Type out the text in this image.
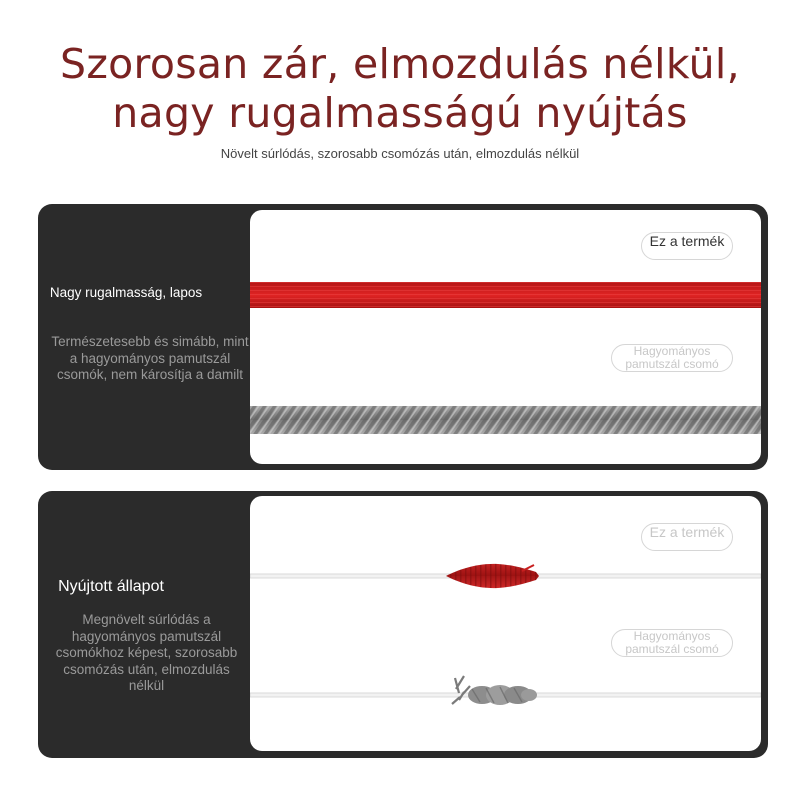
Szorosan zár, elmozdulás nélkül,
nagy rugalmasságú nyújtás
Növelt súrlódás, szorosabb csomózás után, elmozdulás nélkül
Nagy rugalmasság, lapos
Természetesebb és simább, mint a hagyományos pamutszál csomók, nem károsítja a damilt
Ez a termék
Hagyományos pamutszál csomó
Nyújtott állapot
Megnövelt súrlódás a hagyományos pamutszál csomókhoz képest, szorosabb csomózás után, elmozdulás nélkül
Ez a termék
Hagyományos pamutszál csomó
